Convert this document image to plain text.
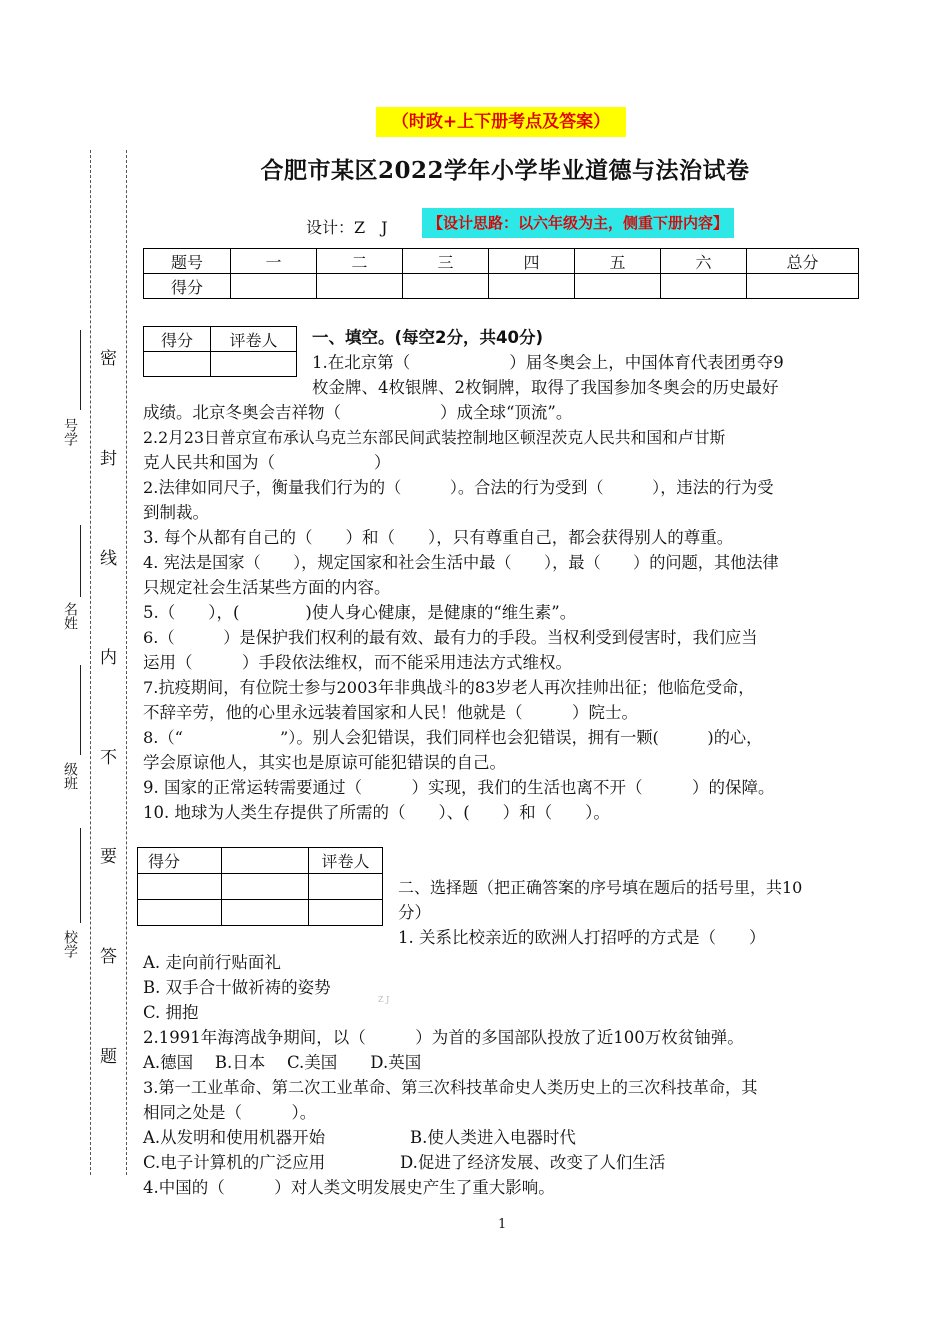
（时政+上下册考点及答案）
合肥市某区2022学年小学毕业道德与法治试卷
设计：Z　J	【设计思路：以六年级为主，侧重下册内容】
题号	一	二	三	四	五	六	总分
得分							
密
封
线
内
不
要
答
题
号学
名姓
级班
校学
得分	评卷人
	一、填空。(每空2分，共40分)
1.在北京第（　　　　　　）届冬奥会上，中国体育代表团勇夺9
枚金牌、4枚银牌、2枚铜牌，取得了我国参加冬奥会的历史最好
成绩。北京冬奥会吉祥物（　　　　　　）成全球“顶流”。
2.2月23日普京宣布承认乌克兰东部民间武装控制地区顿涅茨克人民共和国和卢甘斯
克人民共和国为（　　　　　　）
2.法律如同尺子，衡量我们行为的（　　　）。合法的行为受到（　　　），违法的行为受
到制裁。
3. 每个从都有自己的（　　）和（　　），只有尊重自己，都会获得别人的尊重。
4. 宪法是国家（　　），规定国家和社会生活中最（　　），最（　　）的问题，其他法律
只规定社会生活某些方面的内容。
5.（　　），(　　　　)使人身心健康，是健康的“维生素”。
6.（　　　）是保护我们权利的最有效、最有力的手段。当权利受到侵害时，我们应当
运用（　　　）手段依法维权，而不能采用违法方式维权。
7.抗疫期间，有位院士参与2003年非典战斗的83岁老人再次挂帅出征；他临危受命，
不辞辛劳，他的心里永远装着国家和人民！他就是（　　　）院士。
8.（“　　　　　　”）。别人会犯错误，我们同样也会犯错误，拥有一颗(　　　)的心，
学会原谅他人，其实也是原谅可能犯错误的自己。
9. 国家的正常运转需要通过（　　　）实现，我们的生活也离不开（　　　）的保障。
10. 地球为人类生存提供了所需的（　　）、(　　）和（　　）。
得分		评卷人

二、选择题（把正确答案的序号填在题后的括号里，共10
分）
1. 关系比校亲近的欧洲人打招呼的方式是（　　）
A. 走向前行贴面礼
B. 双手合十做祈祷的姿势
Z J
C. 拥抱
2.1991年海湾战争期间，以（　　　）为首的多国部队投放了近100万枚贫铀弹。
A.德国　 B.日本　 C.美国　　D.英国
3.第一工业革命、第二次工业革命、第三次科技革命史人类历史上的三次科技革命，其
相同之处是（　　　）。
A.从发明和使用机器开始	B.使人类进入电器时代
C.电子计算机的广泛应用	D.促进了经济发展、改变了人们生活
4.中国的（　　　）对人类文明发展史产生了重大影响。
1
